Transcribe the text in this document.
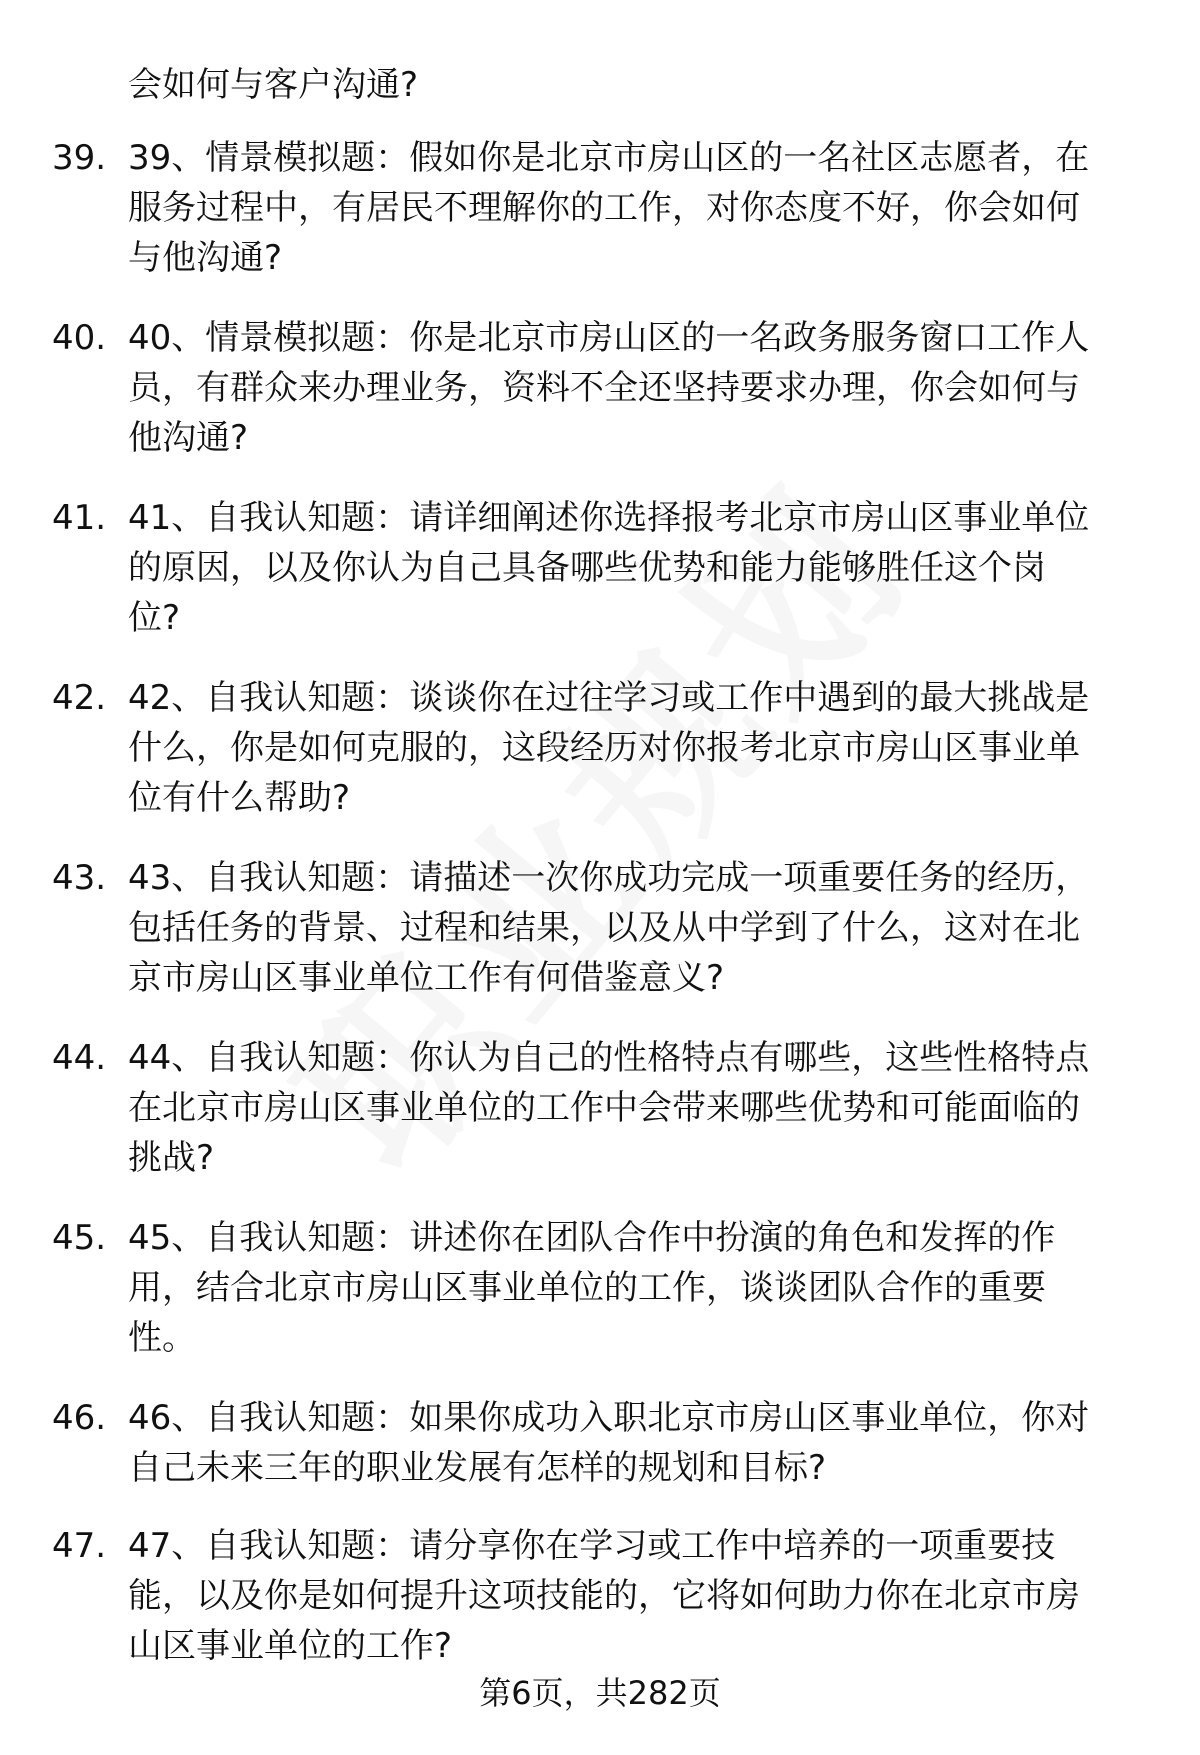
会如何与客户沟通?
39. 39、情景模拟题：假如你是北京市房山区的一名社区志愿者，在
服务过程中，有居民不理解你的工作，对你态度不好，你会如何
与他沟通?
40. 40、情景模拟题：你是北京市房山区的一名政务服务窗口工作人
员，有群众来办理业务，资料不全还坚持要求办理，你会如何与
他沟通?
41. 41、自我认知题：请详细阐述你选择报考北京市房山区事业单位
的原因，以及你认为自己具备哪些优势和能力能够胜任这个岗
位?
42. 42、自我认知题：谈谈你在过往学习或工作中遇到的最大挑战是
什么，你是如何克服的，这段经历对你报考北京市房山区事业单
位有什么帮助?
43. 43、自我认知题：请描述一次你成功完成一项重要任务的经历，
包括任务的背景、过程和结果，以及从中学到了什么，这对在北
京市房山区事业单位工作有何借鉴意义?
44. 44、自我认知题：你认为自己的性格特点有哪些，这些性格特点
在北京市房山区事业单位的工作中会带来哪些优势和可能面临的
挑战?
45. 45、自我认知题：讲述你在团队合作中扮演的角色和发挥的作
用，结合北京市房山区事业单位的工作，谈谈团队合作的重要
性。
46. 46、自我认知题：如果你成功入职北京市房山区事业单位，你对
自己未来三年的职业发展有怎样的规划和目标?
47. 47、自我认知题：请分享你在学习或工作中培养的一项重要技
能，以及你是如何提升这项技能的，它将如何助力你在北京市房
山区事业单位的工作?
第6页，共282页
